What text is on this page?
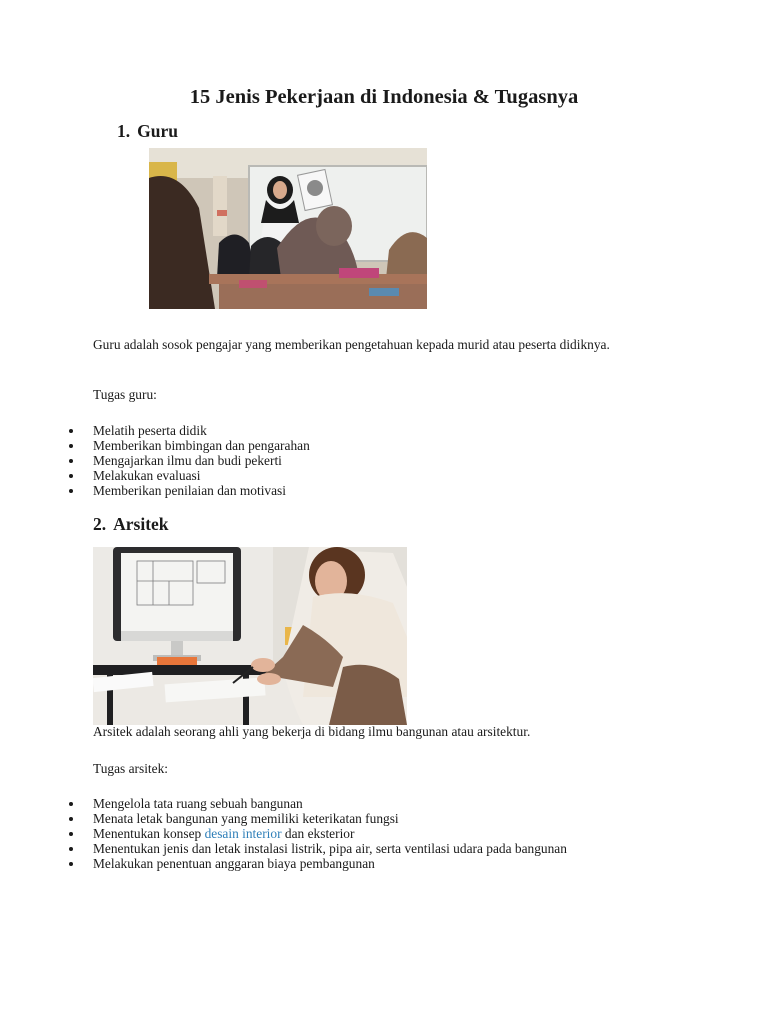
15 Jenis Pekerjaan di Indonesia & Tugasnya
1. Guru

Guru adalah sosok pengajar yang memberikan pengetahuan kepada murid atau peserta didiknya.

Tugas guru:

Melatih peserta didik
Memberikan bimbingan dan pengarahan
Mengajarkan ilmu dan budi pekerti
Melakukan evaluasi
Memberikan penilaian dan motivasi
2. Arsitek

Arsitek adalah seorang ahli yang bekerja di bidang ilmu bangunan atau arsitektur.

Tugas arsitek:

Mengelola tata ruang sebuah bangunan
Menata letak bangunan yang memiliki keterikatan fungsi
Menentukan konsep desain interior dan eksterior
Menentukan jenis dan letak instalasi listrik, pipa air, serta ventilasi udara pada bangunan
Melakukan penentuan anggaran biaya pembangunan
